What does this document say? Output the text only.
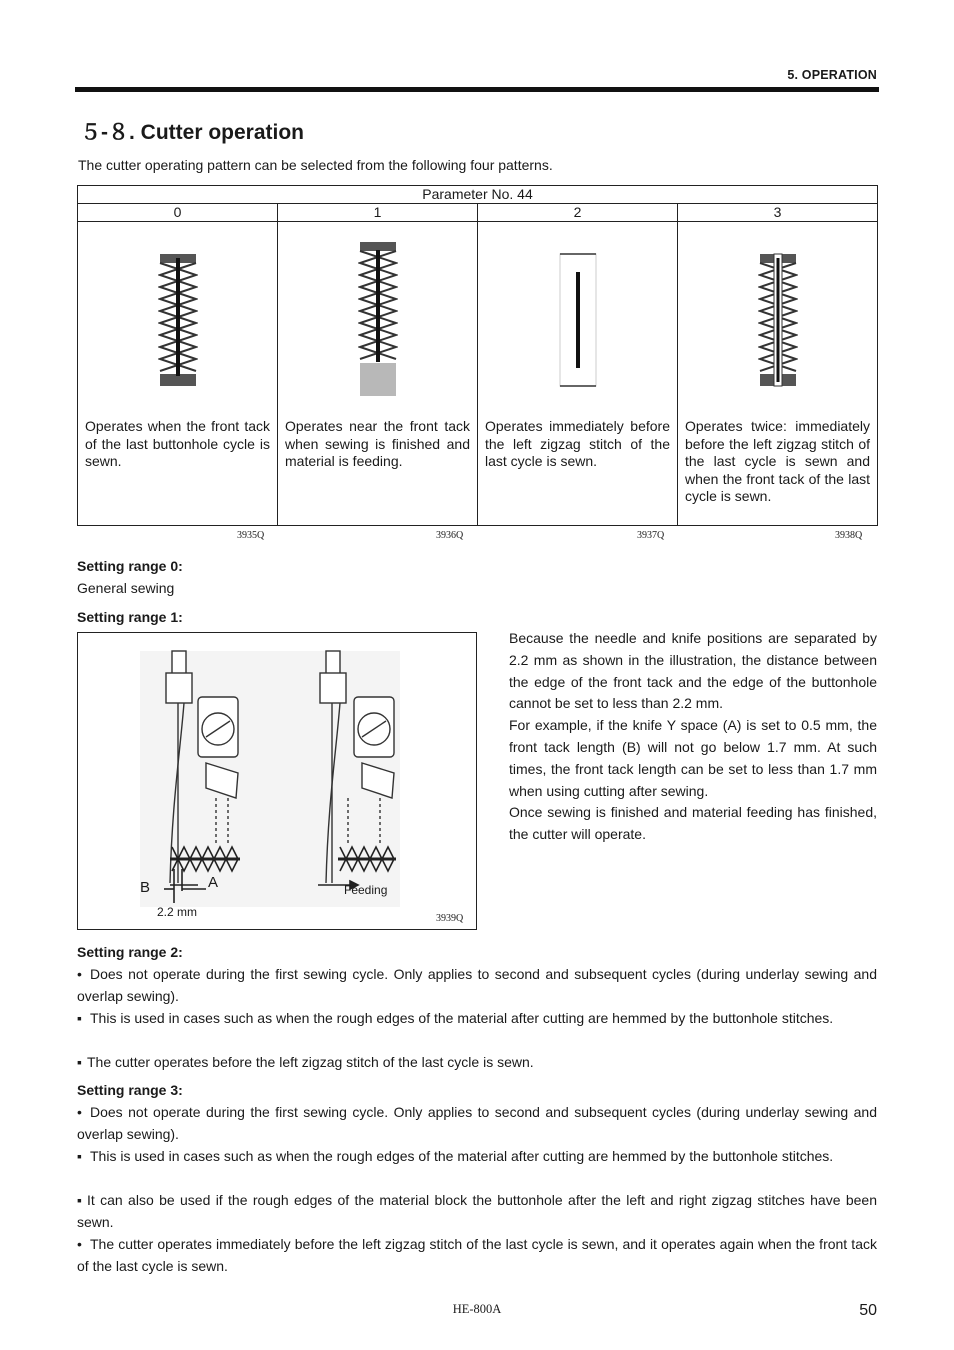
5. OPERATION
５-８. Cutter operation
The cutter operating pattern can be selected from the following four patterns.
Parameter No. 44			
0	1	2	3

Operates when the front tack of the last buttonhole cycle is sewn.	Operates near the front tack when sewing is finished and material is feeding.	Operates immediately before the left zigzag stitch of the last cycle is sewn.	Operates twice: immediately before the left zigzag stitch of the last cycle is sewn and when the front tack of the last cycle is sewn.
3935Q	3936Q	3937Q	3938Q
Setting range 0:
General sewing
Setting range 1:
B	A
2.2 mm
Feeding
3939Q
Because the needle and knife positions are separated by 2.2 mm as shown in the illustration, the distance between the edge of the front tack and the edge of the buttonhole cannot be set to less than 2.2 mm.
For example, if the knife Y space (A) is set to 0.5 mm, the front tack length (B) will not go below 1.7 mm. At such times, the front tack length can be set to less than 1.7 mm when using cutting after sewing.
Once sewing is finished and material feeding has finished, the cutter will operate.
Setting range 2:
• Does not operate during the first sewing cycle. Only applies to second and subsequent cycles (during underlay sewing and overlap sewing).
▪ This is used in cases such as when the rough edges of the material after cutting are hemmed by the buttonhole stitches.
▪ The cutter operates before the left zigzag stitch of the last cycle is sewn.
Setting range 3:
• Does not operate during the first sewing cycle. Only applies to second and subsequent cycles (during underlay sewing and overlap sewing).
▪ This is used in cases such as when the rough edges of the material after cutting are hemmed by the buttonhole stitches.
▪ It can also be used if the rough edges of the material block the buttonhole after the left and right zigzag stitches have been sewn.
• The cutter operates immediately before the left zigzag stitch of the last cycle is sewn, and it operates again when the front tack of the last cycle is sewn.
HE-800A	50
